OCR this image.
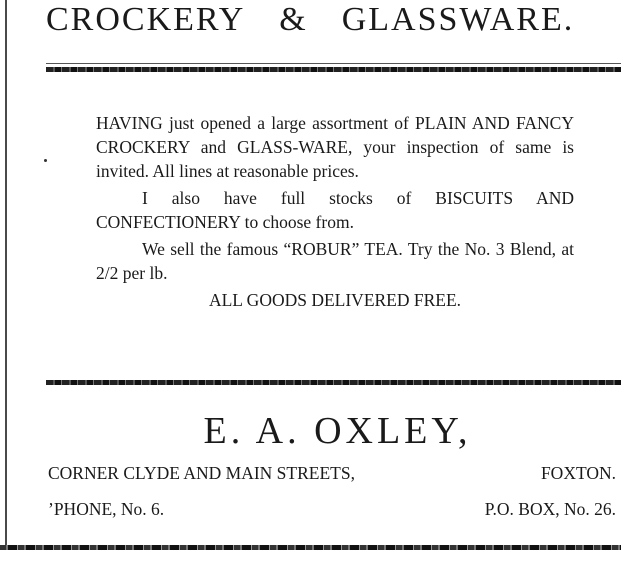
CROCKERY & GLASSWARE.

HAVING just opened a large assortment of PLAIN AND FANCY CROCKERY and GLASS-WARE, your inspection of same is invited. All lines at reasonable prices.

I also have full stocks of BISCUITS AND CONFECTIONERY to choose from.

We sell the famous “ROBUR” TEA. Try the No. 3 Blend, at 2/2 per lb.

ALL GOODS DELIVERED FREE.

E. A. OXLEY,
CORNER CLYDE AND MAIN STREETS,	FOXTON.
’PHONE, No. 6.	P.O. BOX, No. 26.
